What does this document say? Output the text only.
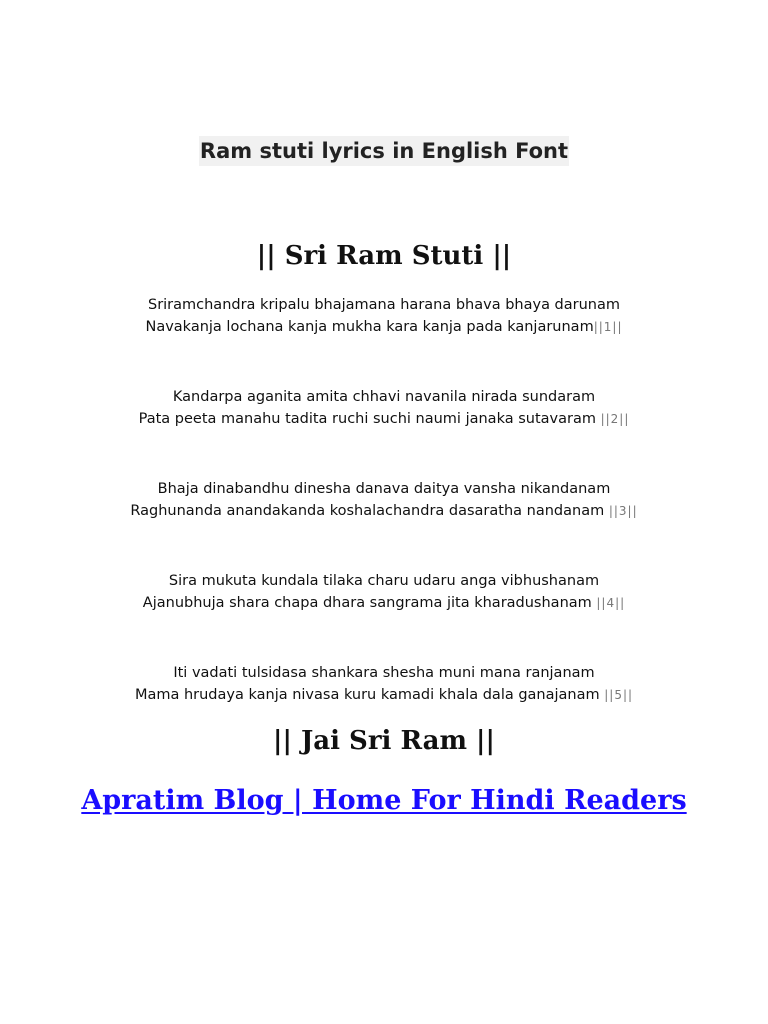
Ram stuti lyrics in English Font
|| Sri Ram Stuti ||
Sriramchandra kripalu bhajamana harana bhava bhaya darunam
Navakanja lochana kanja mukha kara kanja pada kanjarunam||1||
Kandarpa aganita amita chhavi navanila nirada sundaram
Pata peeta manahu tadita ruchi suchi naumi janaka sutavaram ||2||
Bhaja dinabandhu dinesha danava daitya vansha nikandanam
Raghunanda anandakanda koshalachandra dasaratha nandanam ||3||
Sira mukuta kundala tilaka charu udaru anga vibhushanam
Ajanubhuja shara chapa dhara sangrama jita kharadushanam ||4||
Iti vadati tulsidasa shankara shesha muni mana ranjanam
Mama hrudaya kanja nivasa kuru kamadi khala dala ganajanam ||5||
|| Jai Sri Ram ||
Apratim Blog | Home For Hindi Readers
